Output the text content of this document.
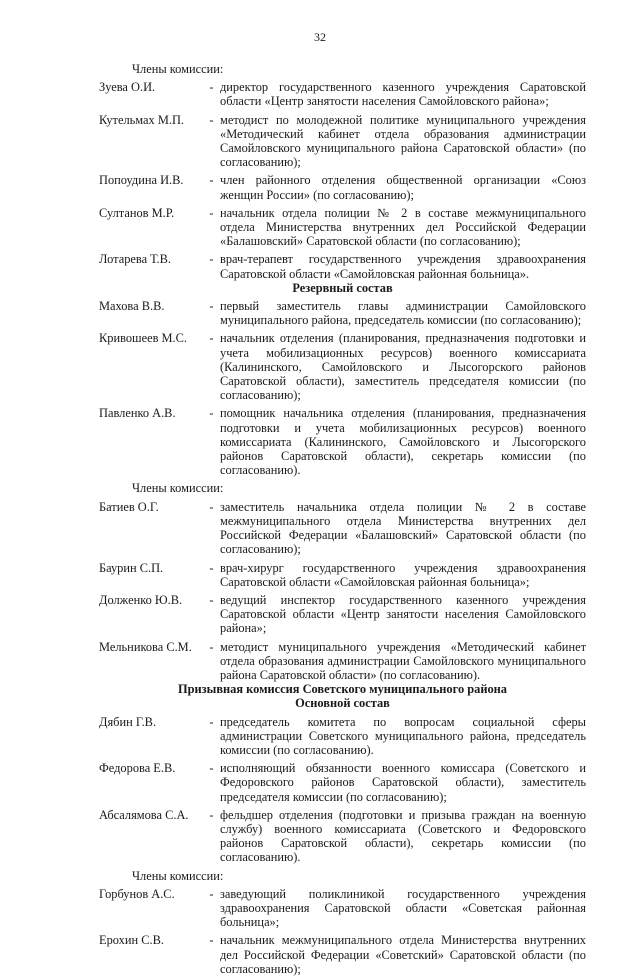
32
Члены комиссии:
Зуева О.И.	- директор государственного казенного учреждения Саратовской области «Центр занятости населения Самойловского района»;
Кутельмах М.П.	- методист по молодежной политике муниципального учреждения «Методический кабинет отдела образования администрации Самойловского муниципального района Саратовской области» (по согласованию);
Попоудина И.В.	- член районного отделения общественной организации «Союз женщин России» (по согласованию);
Султанов М.Р.	- начальник отдела полиции № 2 в составе межмуниципального отдела Министерства внутренних дел Российской Федерации «Балашовский» Саратовской области (по согласованию);
Лотарева Т.В.	- врач-терапевт государственного учреждения здравоохранения Саратовской области «Самойловская районная больница».
Резервный состав
Махова В.В.	- первый заместитель главы администрации Самойловского муниципального района, председатель комиссии (по согласованию);
Кривошеев М.С.	- начальник отделения (планирования, предназначения подготовки и учета мобилизационных ресурсов) военного комиссариата (Калининского, Самойловского и Лысогорского районов Саратовской области), заместитель председателя комиссии (по согласованию);
Павленко А.В.	- помощник начальника отделения (планирования, предназначения подготовки и учета мобилизационных ресурсов) военного комиссариата (Калининского, Самойловского и Лысогорского районов Саратовской области), секретарь комиссии (по согласованию).
Члены комиссии:
Батиев О.Г.	- заместитель начальника отдела полиции № 2 в составе межмуниципального отдела Министерства внутренних дел Российской Федерации «Балашовский» Саратовской области (по согласованию);
Баурин С.П.	- врач-хирург государственного учреждения здравоохранения Саратовской области «Самойловская районная больница»;
Долженко Ю.В.	- ведущий инспектор государственного казенного учреждения Саратовской области «Центр занятости населения Самойловского района»;
Мельникова С.М.	- методист муниципального учреждения «Методический кабинет отдела образования администрации Самойловского муниципального района Саратовской области» (по согласованию).
Призывная комиссия Советского муниципального района
Основной состав
Дябин Г.В.	- председатель комитета по вопросам социальной сферы администрации Советского муниципального района, председатель комиссии (по согласованию).
Федорова Е.В.	- исполняющий обязанности военного комиссара (Советского и Федоровского районов Саратовской области), заместитель председателя комиссии (по согласованию);
Абсалямова С.А.	- фельдшер отделения (подготовки и призыва граждан на военную службу) военного комиссариата (Советского и Федоровского районов Саратовской области), секретарь комиссии (по согласованию).
Члены комиссии:
Горбунов А.С.	- заведующий поликлиникой государственного учреждения здравоохранения Саратовской области «Советская районная больница»;
Ерохин С.В.	- начальник межмуниципального отдела Министерства внутренних дел Российской Федерации «Советский» Саратовской области (по согласованию);
